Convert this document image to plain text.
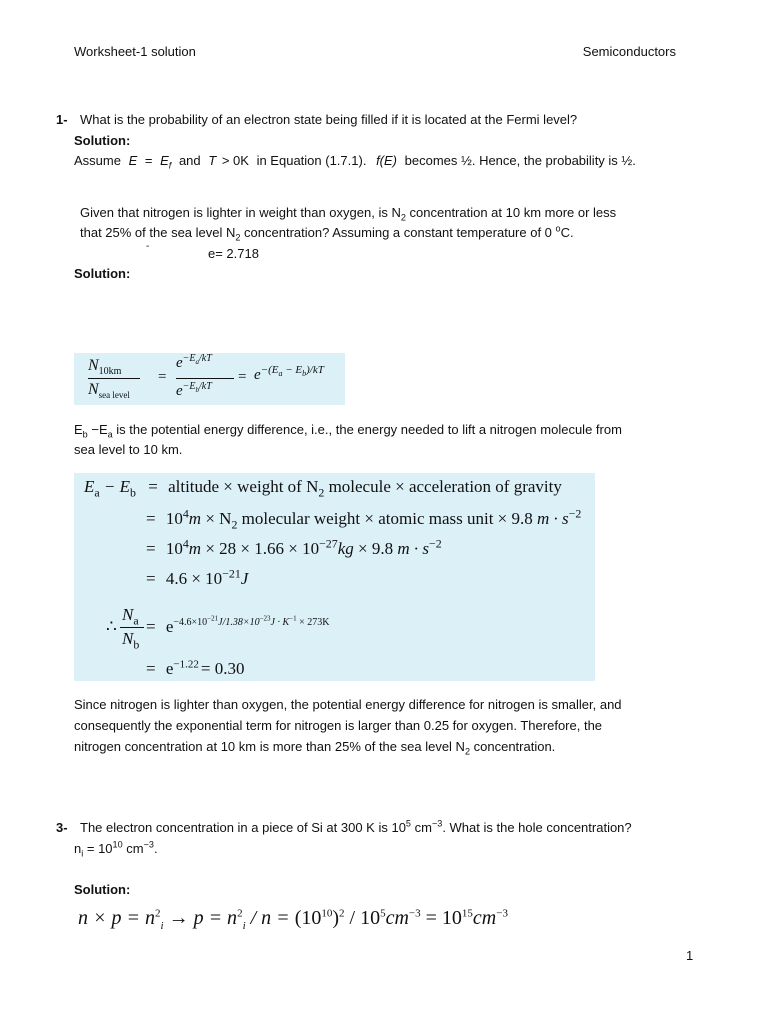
Worksheet-1 solution	Semiconductors
1- What is the probability of an electron state being filled if it is located at the Fermi level?
Solution:
Assume $E = E_f$ and T > 0K in Equation (1.7.1). f(E) becomes ½. Hence, the probability is ½.
Given that nitrogen is lighter in weight than oxygen, is $N_2$ concentration at 10 km more or less
that 25% of the sea level $N_2$ concentration? Assuming a constant temperature of 0 $^o$C.
-	e= 2.718
Solution:
$N_{10km}$
$N_{sea level}$
=
$e^{-E_a/kT}$
$e^{-E_b/kT}$
= $e^{-(E_a - E_b)/kT}$
$E_b -E_a$ is the potential energy difference, i.e., the energy needed to lift a nitrogen molecule from
sea level to 10 km.
$E_a - E_b$ = altitude × weight of $N_2$ molecule × acceleration of gravity
= $10^4m \times N_2$ molecular weight × atomic mass unit × 9.8 $m \cdot s^{-2}$
= $10^4m \times 28 \times 1.66 \times 10^{-27}kg \times 9.8$ $m \cdot s^{-2}$
= $4.6 \times 10^{-21}J$
∴
$N_a$
$N_b$
= $e^{-4.6\times 10^{-21}J/1.38\times 10^{-23}J \cdot K^{-1} \times 273K}$
= $e^{-1.22} = 0.30$
Since nitrogen is lighter than oxygen, the potential energy difference for nitrogen is smaller, and
consequently the exponential term for nitrogen is larger than 0.25 for oxygen. Therefore, the
nitrogen concentration at 10 km is more than 25% of the sea level $N_2$ concentration.
3- The electron concentration in a piece of Si at 300 K is $10^5$ $cm^{-3}$. What is the hole concentration?
$n_i = 10^{10}$ $cm^{-3}$.
Solution:
$n \times p = n^2_i \to p = n^2_i / n = (10^{10})^2 / 10^5cm^{-3} = 10^{15}cm^{-3}$
1
